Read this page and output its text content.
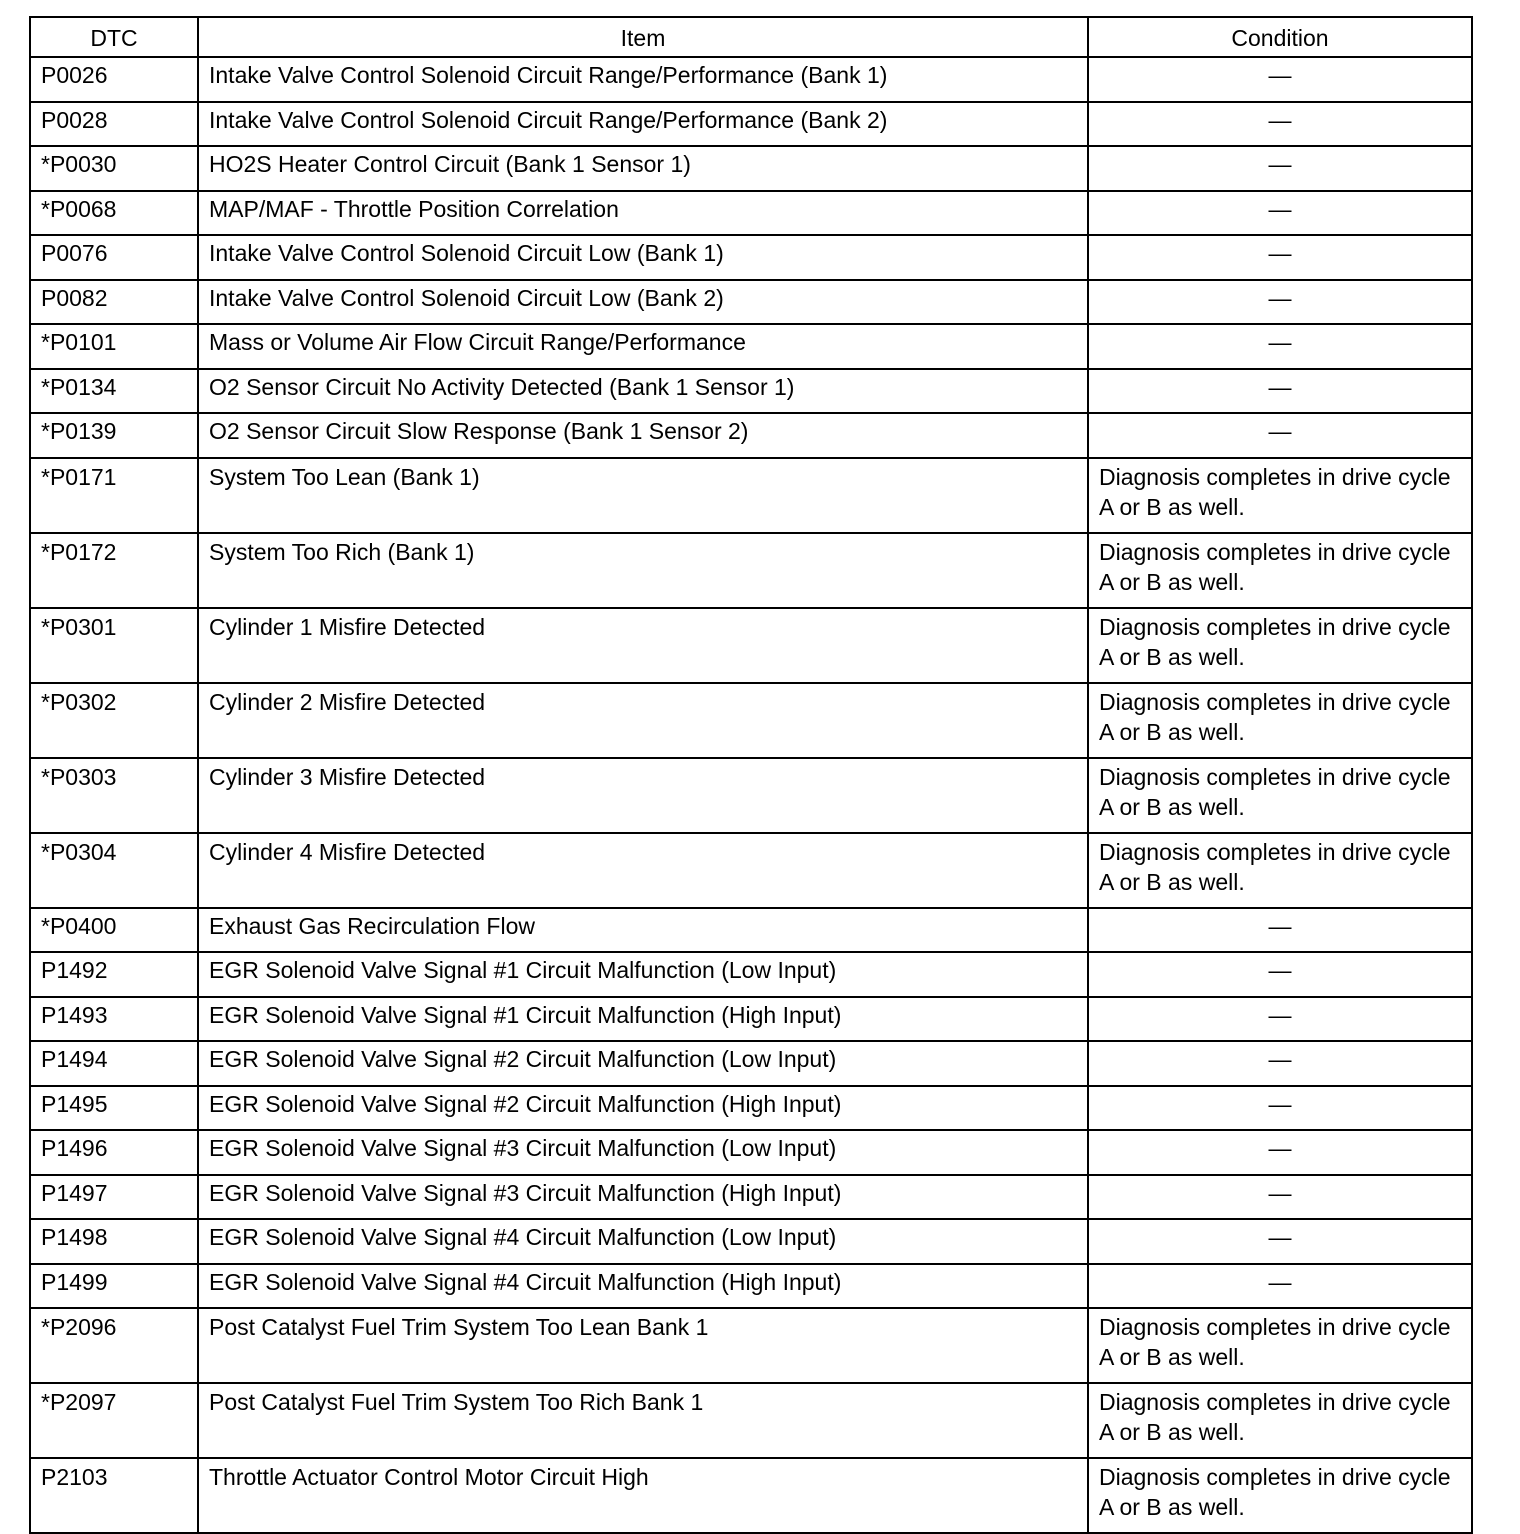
DTC	Item	Condition
P0026	Intake Valve Control Solenoid Circuit Range/Performance (Bank 1)	—
P0028	Intake Valve Control Solenoid Circuit Range/Performance (Bank 2)	—
*P0030	HO2S Heater Control Circuit (Bank 1 Sensor 1)	—
*P0068	MAP/MAF - Throttle Position Correlation	—
P0076	Intake Valve Control Solenoid Circuit Low (Bank 1)	—
P0082	Intake Valve Control Solenoid Circuit Low (Bank 2)	—
*P0101	Mass or Volume Air Flow Circuit Range/Performance	—
*P0134	O2 Sensor Circuit No Activity Detected (Bank 1 Sensor 1)	—
*P0139	O2 Sensor Circuit Slow Response (Bank 1 Sensor 2)	—
*P0171	System Too Lean (Bank 1)	Diagnosis completes in drive cycle A or B as well.
*P0172	System Too Rich (Bank 1)	Diagnosis completes in drive cycle A or B as well.
*P0301	Cylinder 1 Misfire Detected	Diagnosis completes in drive cycle A or B as well.
*P0302	Cylinder 2 Misfire Detected	Diagnosis completes in drive cycle A or B as well.
*P0303	Cylinder 3 Misfire Detected	Diagnosis completes in drive cycle A or B as well.
*P0304	Cylinder 4 Misfire Detected	Diagnosis completes in drive cycle A or B as well.
*P0400	Exhaust Gas Recirculation Flow	—
P1492	EGR Solenoid Valve Signal #1 Circuit Malfunction (Low Input)	—
P1493	EGR Solenoid Valve Signal #1 Circuit Malfunction (High Input)	—
P1494	EGR Solenoid Valve Signal #2 Circuit Malfunction (Low Input)	—
P1495	EGR Solenoid Valve Signal #2 Circuit Malfunction (High Input)	—
P1496	EGR Solenoid Valve Signal #3 Circuit Malfunction (Low Input)	—
P1497	EGR Solenoid Valve Signal #3 Circuit Malfunction (High Input)	—
P1498	EGR Solenoid Valve Signal #4 Circuit Malfunction (Low Input)	—
P1499	EGR Solenoid Valve Signal #4 Circuit Malfunction (High Input)	—
*P2096	Post Catalyst Fuel Trim System Too Lean Bank 1	Diagnosis completes in drive cycle A or B as well.
*P2097	Post Catalyst Fuel Trim System Too Rich Bank 1	Diagnosis completes in drive cycle A or B as well.
P2103	Throttle Actuator Control Motor Circuit High	Diagnosis completes in drive cycle A or B as well.
